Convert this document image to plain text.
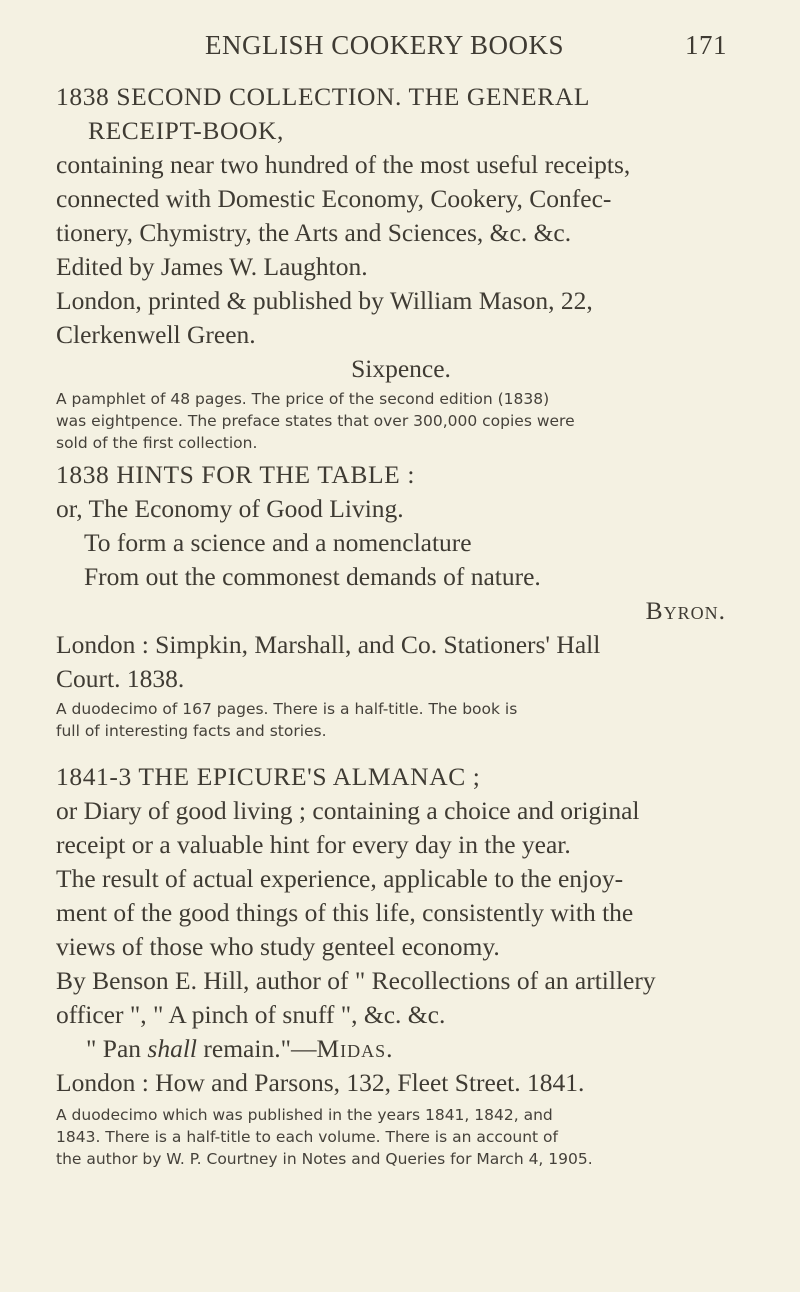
ENGLISH COOKERY BOOKS	171
1838 SECOND COLLECTION. THE GENERAL
RECEIPT-BOOK,
containing near two hundred of the most useful receipts,
connected with Domestic Economy, Cookery, Confec-
tionery, Chymistry, the Arts and Sciences, &c. &c.
Edited by James W. Laughton.
London, printed & published by William Mason, 22,
Clerkenwell Green.
Sixpence.
A pamphlet of 48 pages. The price of the second edition (1838)
was eightpence. The preface states that over 300,000 copies were
sold of the first collection.
1838 HINTS FOR THE TABLE :
or, The Economy of Good Living.
To form a science and a nomenclature
From out the commonest demands of nature.
Byron.
London : Simpkin, Marshall, and Co. Stationers' Hall
Court. 1838.
A duodecimo of 167 pages. There is a half-title. The book is
full of interesting facts and stories.
1841-3 THE EPICURE'S ALMANAC ;
or Diary of good living ; containing a choice and original
receipt or a valuable hint for every day in the year.
The result of actual experience, applicable to the enjoy-
ment of the good things of this life, consistently with the
views of those who study genteel economy.
By Benson E. Hill, author of " Recollections of an artillery
officer ", " A pinch of snuff ", &c. &c.
" Pan shall remain."—Midas.
London : How and Parsons, 132, Fleet Street. 1841.
A duodecimo which was published in the years 1841, 1842, and
1843. There is a half-title to each volume. There is an account of
the author by W. P. Courtney in Notes and Queries for March 4, 1905.
